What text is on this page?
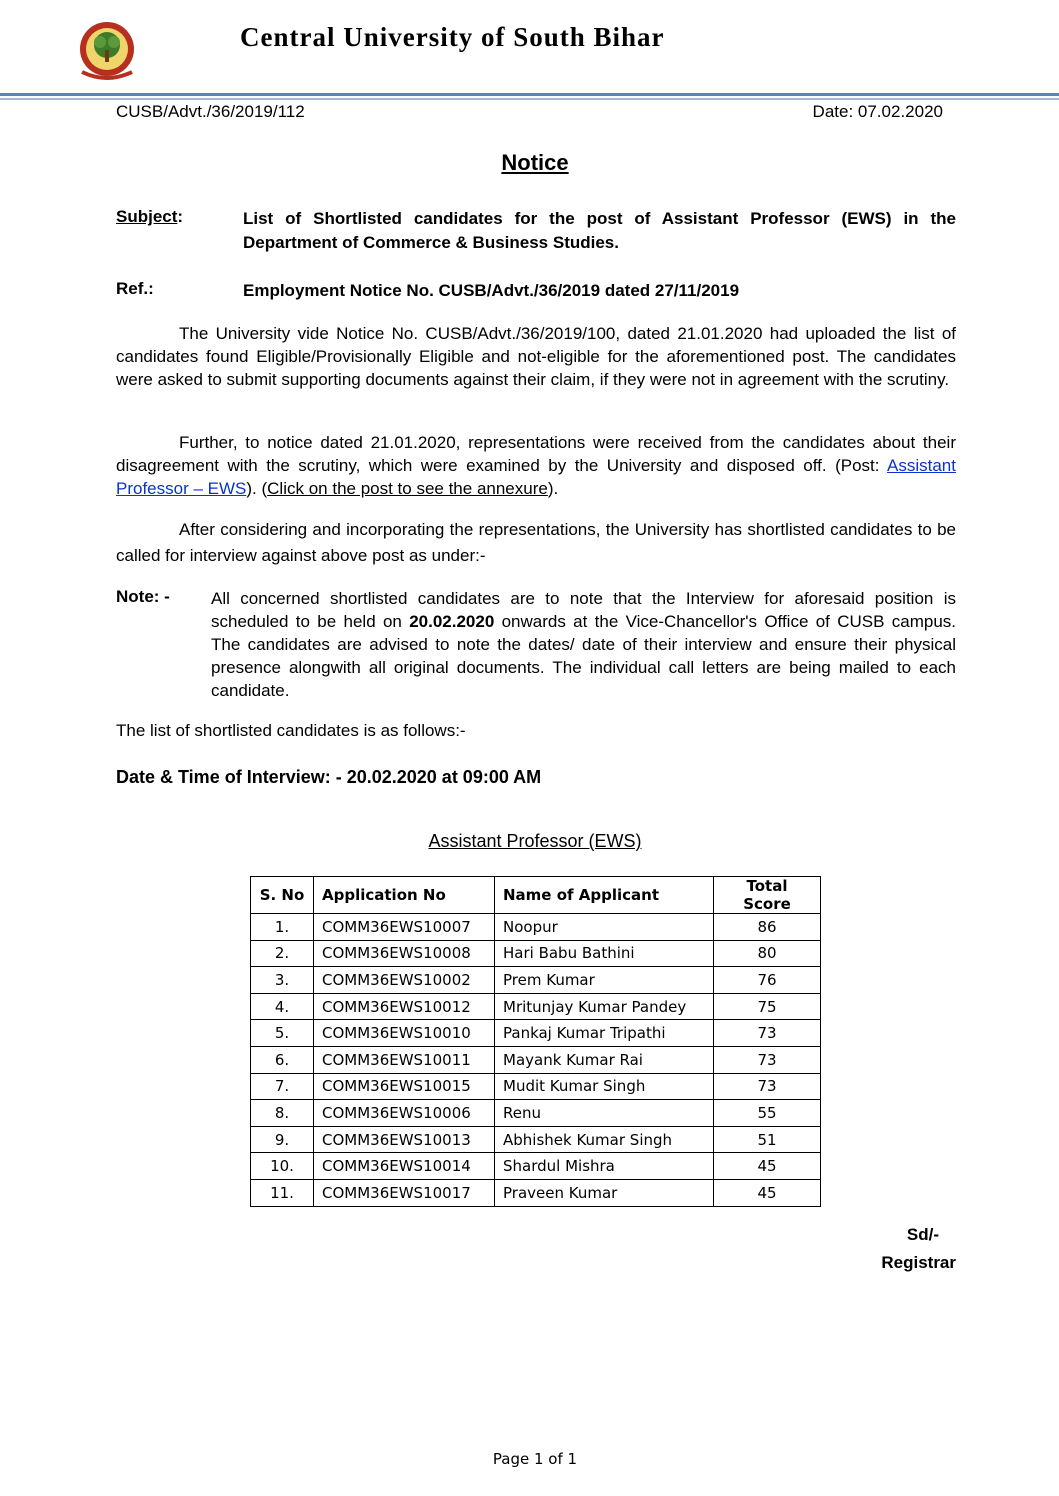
Central University of South Bihar
CUSB/Advt./36/2019/112	Date: 07.02.2020
Notice
Subject:	List of Shortlisted candidates for the post of Assistant Professor (EWS) in the Department of Commerce & Business Studies.
Ref.:	Employment Notice No. CUSB/Advt./36/2019 dated 27/11/2019

The University vide Notice No. CUSB/Advt./36/2019/100, dated 21.01.2020 had uploaded the list of candidates found Eligible/Provisionally Eligible and not-eligible for the aforementioned post. The candidates were asked to submit supporting documents against their claim, if they were not in agreement with the scrutiny.

Further, to notice dated 21.01.2020, representations were received from the candidates about their disagreement with the scrutiny, which were examined by the University and disposed off. (Post: Assistant Professor – EWS). (Click on the post to see the annexure).

After considering and incorporating the representations, the University has shortlisted candidates to be called for interview against above post as under:-

Note: - All concerned shortlisted candidates are to note that the Interview for aforesaid position is scheduled to be held on 20.02.2020 onwards at the Vice-Chancellor's Office of CUSB campus. The candidates are advised to note the dates/ date of their interview and ensure their physical presence alongwith all original documents. The individual call letters are being mailed to each candidate.

The list of shortlisted candidates is as follows:-
Date & Time of Interview: - 20.02.2020 at 09:00 AM
Assistant Professor (EWS)
S. No	Application No	Name of Applicant	Total Score
1.	COMM36EWS10007	Noopur	86
2.	COMM36EWS10008	Hari Babu Bathini	80
3.	COMM36EWS10002	Prem Kumar	76
4.	COMM36EWS10012	Mritunjay Kumar Pandey	75
5.	COMM36EWS10010	Pankaj Kumar Tripathi	73
6.	COMM36EWS10011	Mayank Kumar Rai	73
7.	COMM36EWS10015	Mudit Kumar Singh	73
8.	COMM36EWS10006	Renu	55
9.	COMM36EWS10013	Abhishek Kumar Singh	51
10.	COMM36EWS10014	Shardul Mishra	45
11.	COMM36EWS10017	Praveen Kumar	45
Sd/-
Registrar
Page 1 of 1
